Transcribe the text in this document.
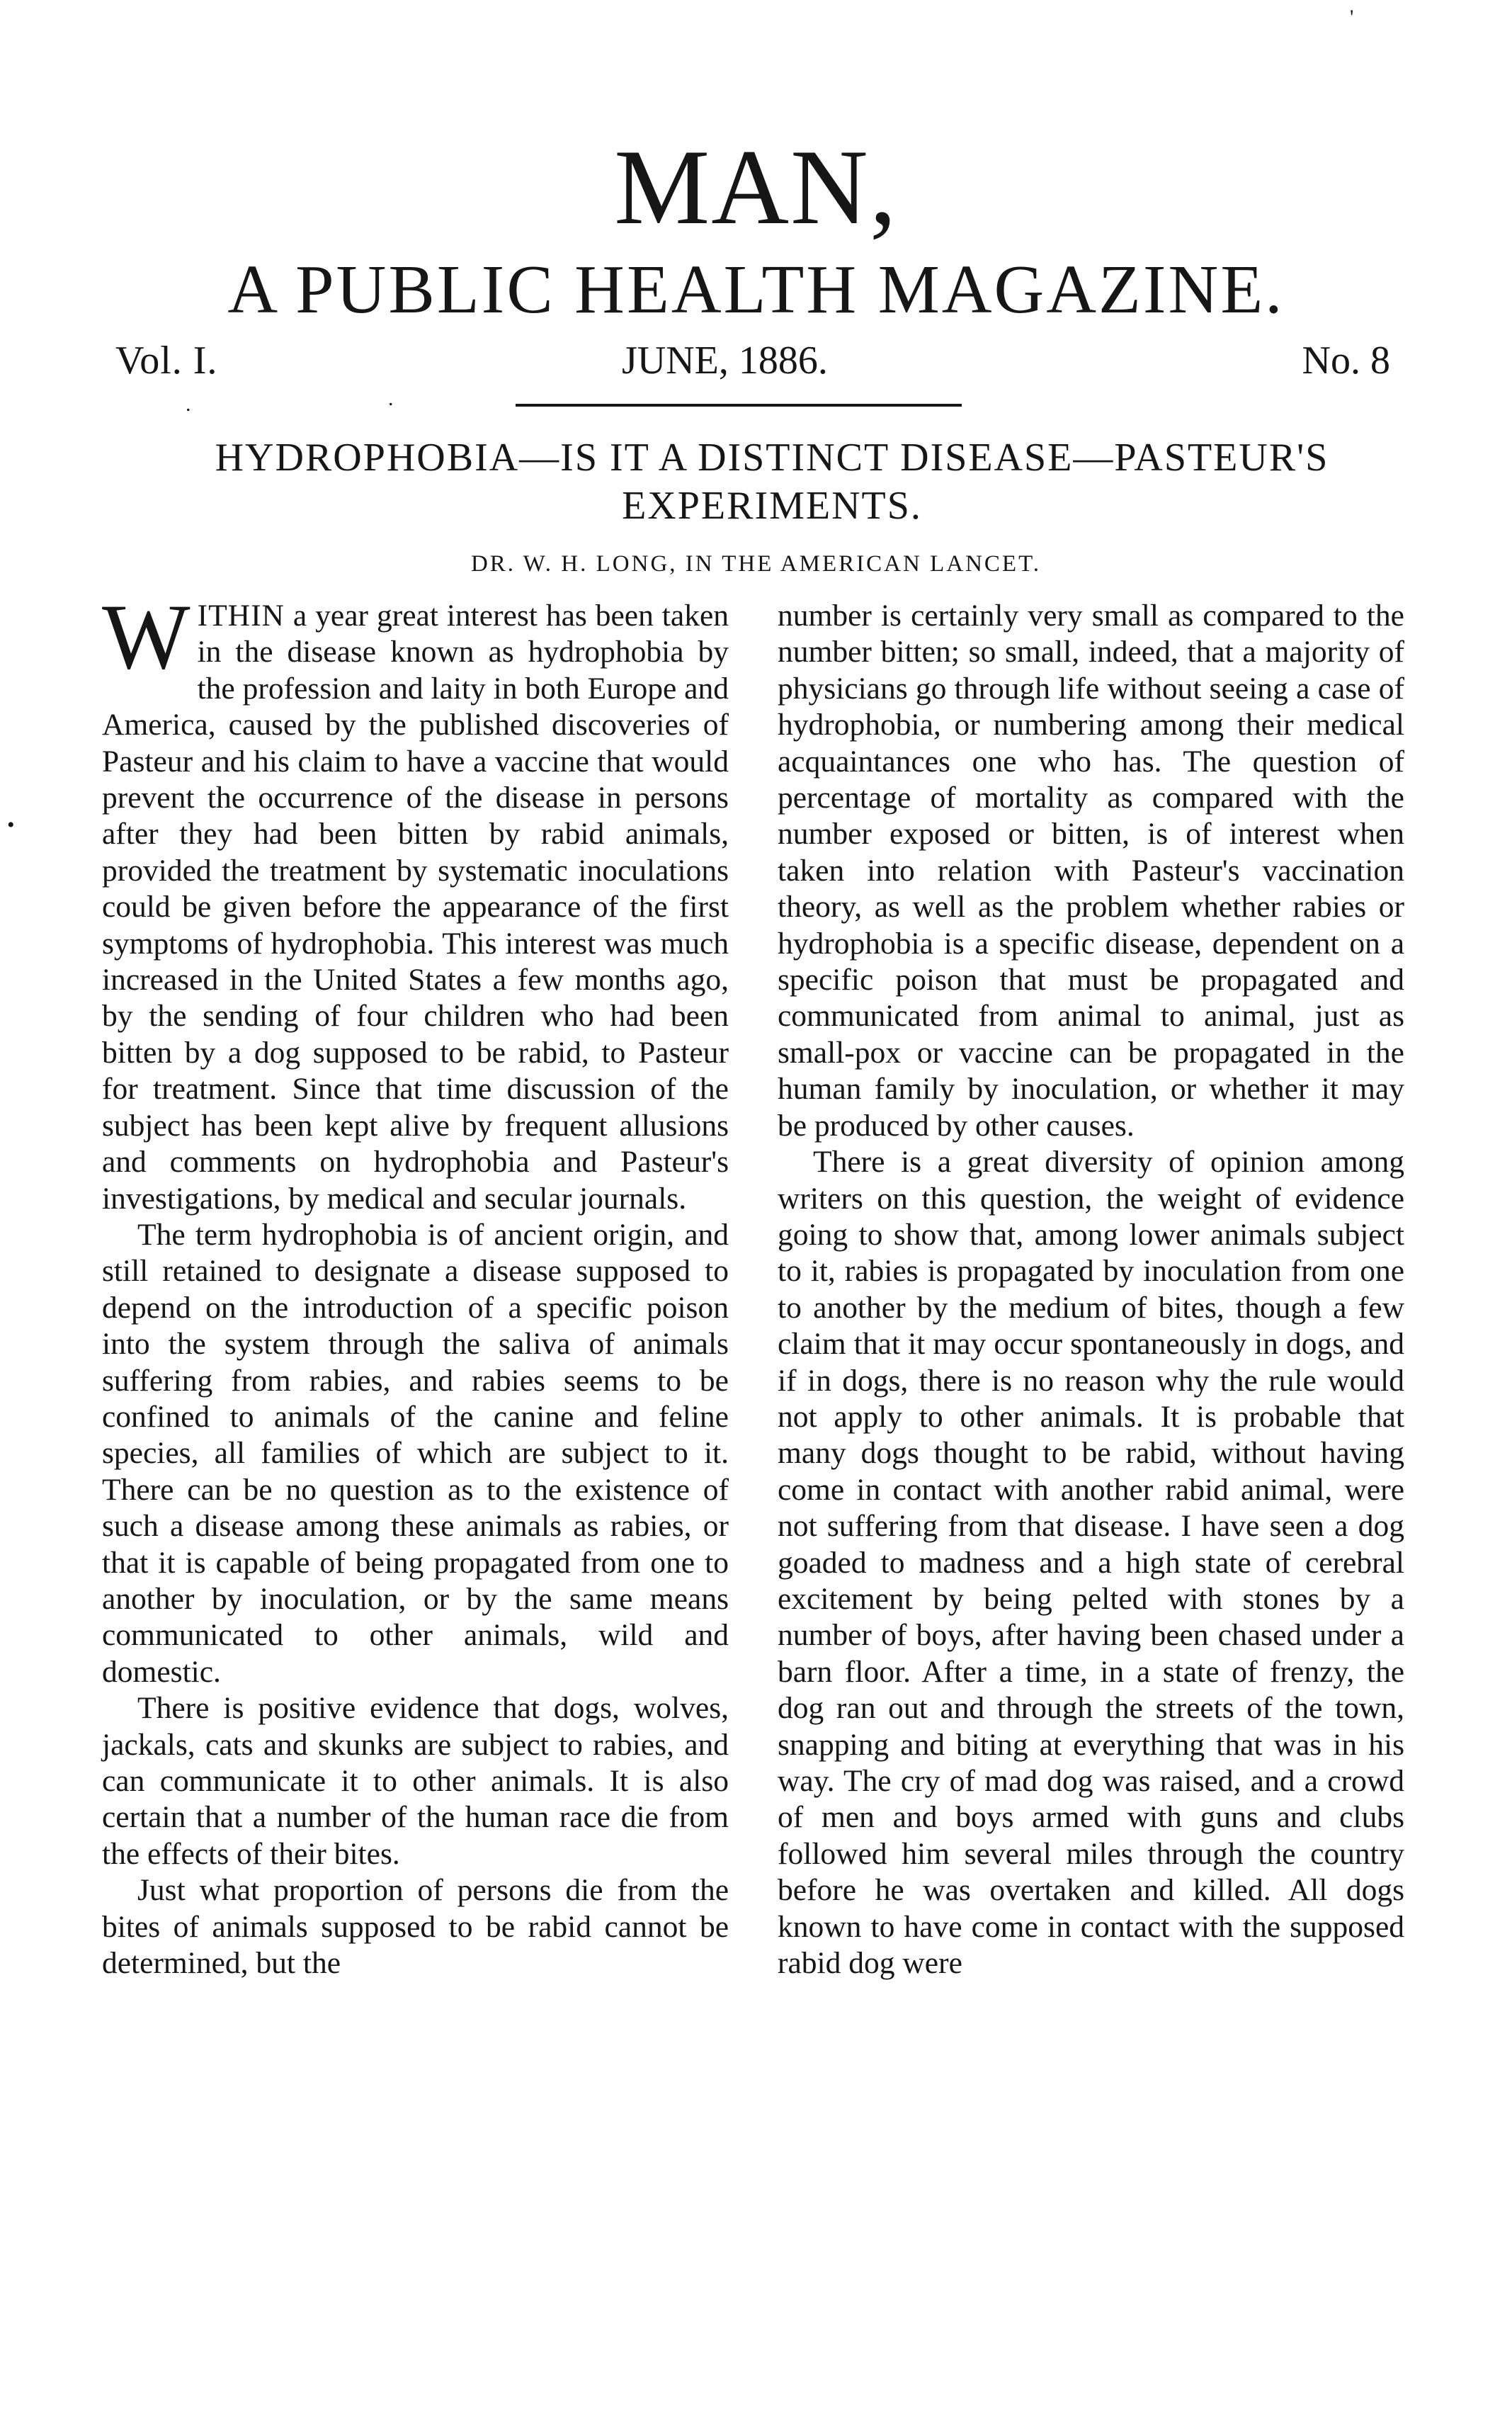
'
MAN,
A PUBLIC HEALTH MAGAZINE.
Vol. I.	JUNE, 1886.	No. 8
.	.
•
HYDROPHOBIA—IS IT A DISTINCT DISEASE—PASTEUR'S EXPERIMENTS.
DR. W. H. LONG, IN THE AMERICAN LANCET.

WITHIN a year great interest has been taken in the disease known as hydrophobia by the profession and laity in both Europe and America, caused by the published discoveries of Pasteur and his claim to have a vaccine that would prevent the occurrence of the disease in persons after they had been bitten by rabid animals, provided the treatment by systematic inoculations could be given before the appearance of the first symptoms of hydrophobia. This interest was much increased in the United States a few months ago, by the sending of four children who had been bitten by a dog supposed to be rabid, to Pasteur for treatment. Since that time discussion of the subject has been kept alive by frequent allusions and comments on hydrophobia and Pasteur's investigations, by medical and secular journals.

The term hydrophobia is of ancient origin, and still retained to designate a disease supposed to depend on the introduction of a specific poison into the system through the saliva of animals suffering from rabies, and rabies seems to be confined to animals of the canine and feline species, all families of which are subject to it. There can be no question as to the existence of such a disease among these animals as rabies, or that it is capable of being propagated from one to another by inoculation, or by the same means communicated to other animals, wild and domestic.

There is positive evidence that dogs, wolves, jackals, cats and skunks are subject to rabies, and can communicate it to other animals. It is also certain that a number of the human race die from the effects of their bites.

Just what proportion of persons die from the bites of animals supposed to be rabid cannot be determined, but the

number is certainly very small as compared to the number bitten; so small, indeed, that a majority of physicians go through life without seeing a case of hydrophobia, or numbering among their medical acquaintances one who has. The question of percentage of mortality as compared with the number exposed or bitten, is of interest when taken into relation with Pasteur's vaccination theory, as well as the problem whether rabies or hydrophobia is a specific disease, dependent on a specific poison that must be propagated and communicated from animal to animal, just as small-pox or vaccine can be propagated in the human family by inoculation, or whether it may be produced by other causes.

There is a great diversity of opinion among writers on this question, the weight of evidence going to show that, among lower animals subject to it, rabies is propagated by inoculation from one to another by the medium of bites, though a few claim that it may occur spontaneously in dogs, and if in dogs, there is no reason why the rule would not apply to other animals. It is probable that many dogs thought to be rabid, without having come in contact with another rabid animal, were not suffering from that disease. I have seen a dog goaded to madness and a high state of cerebral excitement by being pelted with stones by a number of boys, after having been chased under a barn floor. After a time, in a state of frenzy, the dog ran out and through the streets of the town, snapping and biting at everything that was in his way. The cry of mad dog was raised, and a crowd of men and boys armed with guns and clubs followed him several miles through the country before he was overtaken and killed. All dogs known to have come in contact with the supposed rabid dog were
